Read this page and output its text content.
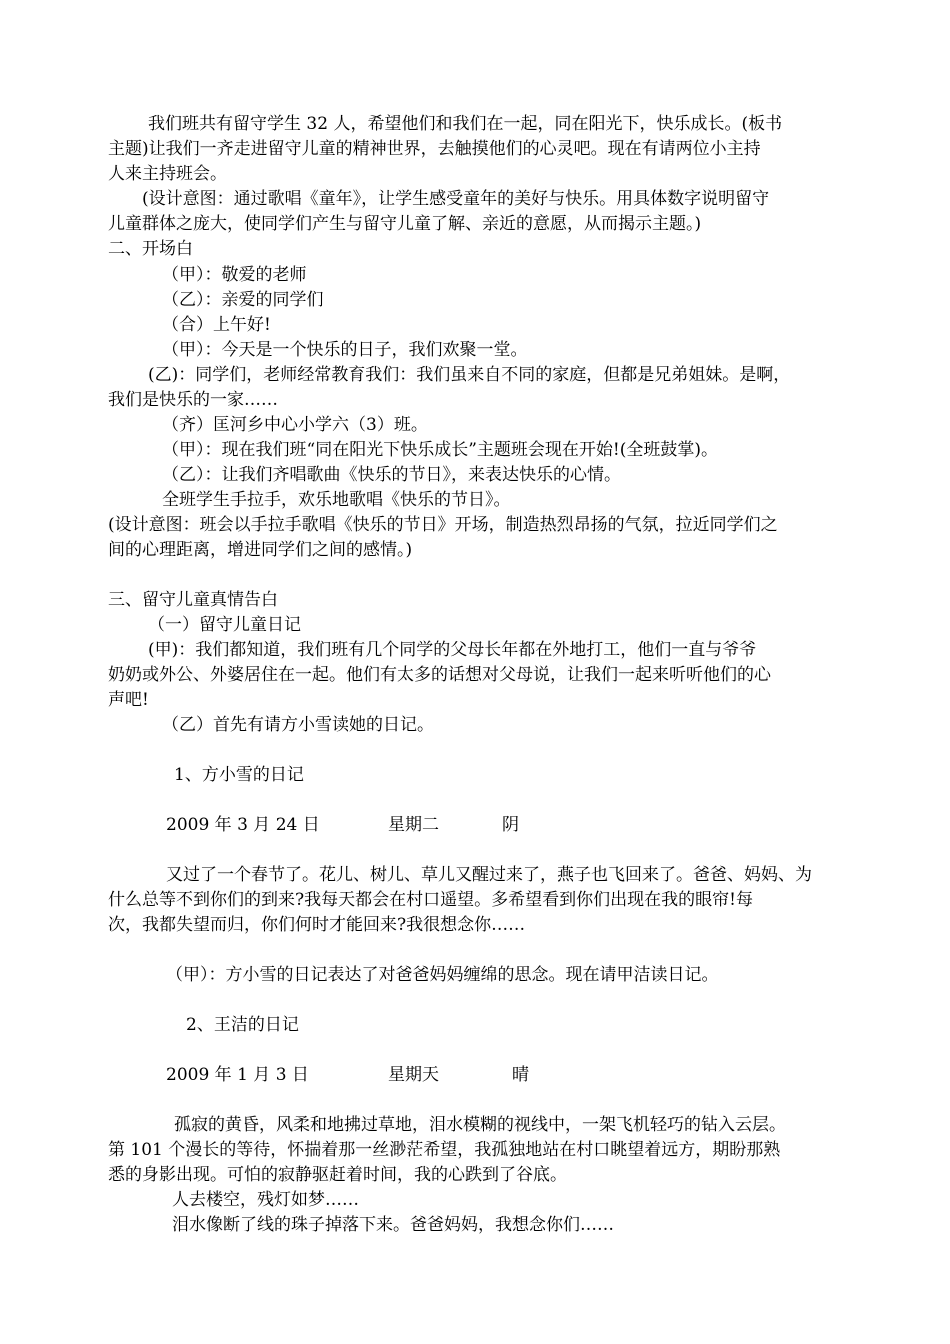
我们班共有留守学生 32 人，希望他们和我们在一起，同在阳光下，快乐成长。(板书
主题)让我们一齐走进留守儿童的精神世界，去触摸他们的心灵吧。现在有请两位小主持
人来主持班会。
(设计意图：通过歌唱《童年》，让学生感受童年的美好与快乐。用具体数字说明留守
儿童群体之庞大，使同学们产生与留守儿童了解、亲近的意愿，从而揭示主题。)
二、开场白
（甲）：敬爱的老师
（乙）：亲爱的同学们
（合）上午好!
（甲）：今天是一个快乐的日子，我们欢聚一堂。
(乙)：同学们，老师经常教育我们：我们虽来自不同的家庭，但都是兄弟姐妹。是啊，
我们是快乐的一家……
（齐）匡河乡中心小学六（3）班。
（甲）：现在我们班“同在阳光下快乐成长”主题班会现在开始!(全班鼓掌)。
（乙）：让我们齐唱歌曲《快乐的节日》，来表达快乐的心情。
全班学生手拉手，欢乐地歌唱《快乐的节日》。
(设计意图：班会以手拉手歌唱《快乐的节日》开场，制造热烈昂扬的气氛，拉近同学们之
间的心理距离，增进同学们之间的感情。)
三、留守儿童真情告白
（一）留守儿童日记
(甲)：我们都知道，我们班有几个同学的父母长年都在外地打工，他们一直与爷爷
奶奶或外公、外婆居住在一起。他们有太多的话想对父母说，让我们一起来听听他们的心
声吧!
（乙）首先有请方小雪读她的日记。
1、方小雪的日记
2009 年 3 月 24 日	星期二	阴
又过了一个春节了。花儿、树儿、草儿又醒过来了，燕子也飞回来了。爸爸、妈妈、为
什么总等不到你们的到来?我每天都会在村口遥望。多希望看到你们出现在我的眼帘!每
次，我都失望而归，你们何时才能回来?我很想念你……
（甲）：方小雪的日记表达了对爸爸妈妈缠绵的思念。现在请甲洁读日记。
2、王洁的日记
2009 年 1 月 3 日	星期天	晴
孤寂的黄昏，风柔和地拂过草地，泪水模糊的视线中，一架飞机轻巧的钻入云层。
第 101 个漫长的等待，怀揣着那一丝渺茫希望，我孤独地站在村口眺望着远方，期盼那熟
悉的身影出现。可怕的寂静驱赶着时间，我的心跌到了谷底。
人去楼空，残灯如梦……
泪水像断了线的珠子掉落下来。爸爸妈妈，我想念你们……
